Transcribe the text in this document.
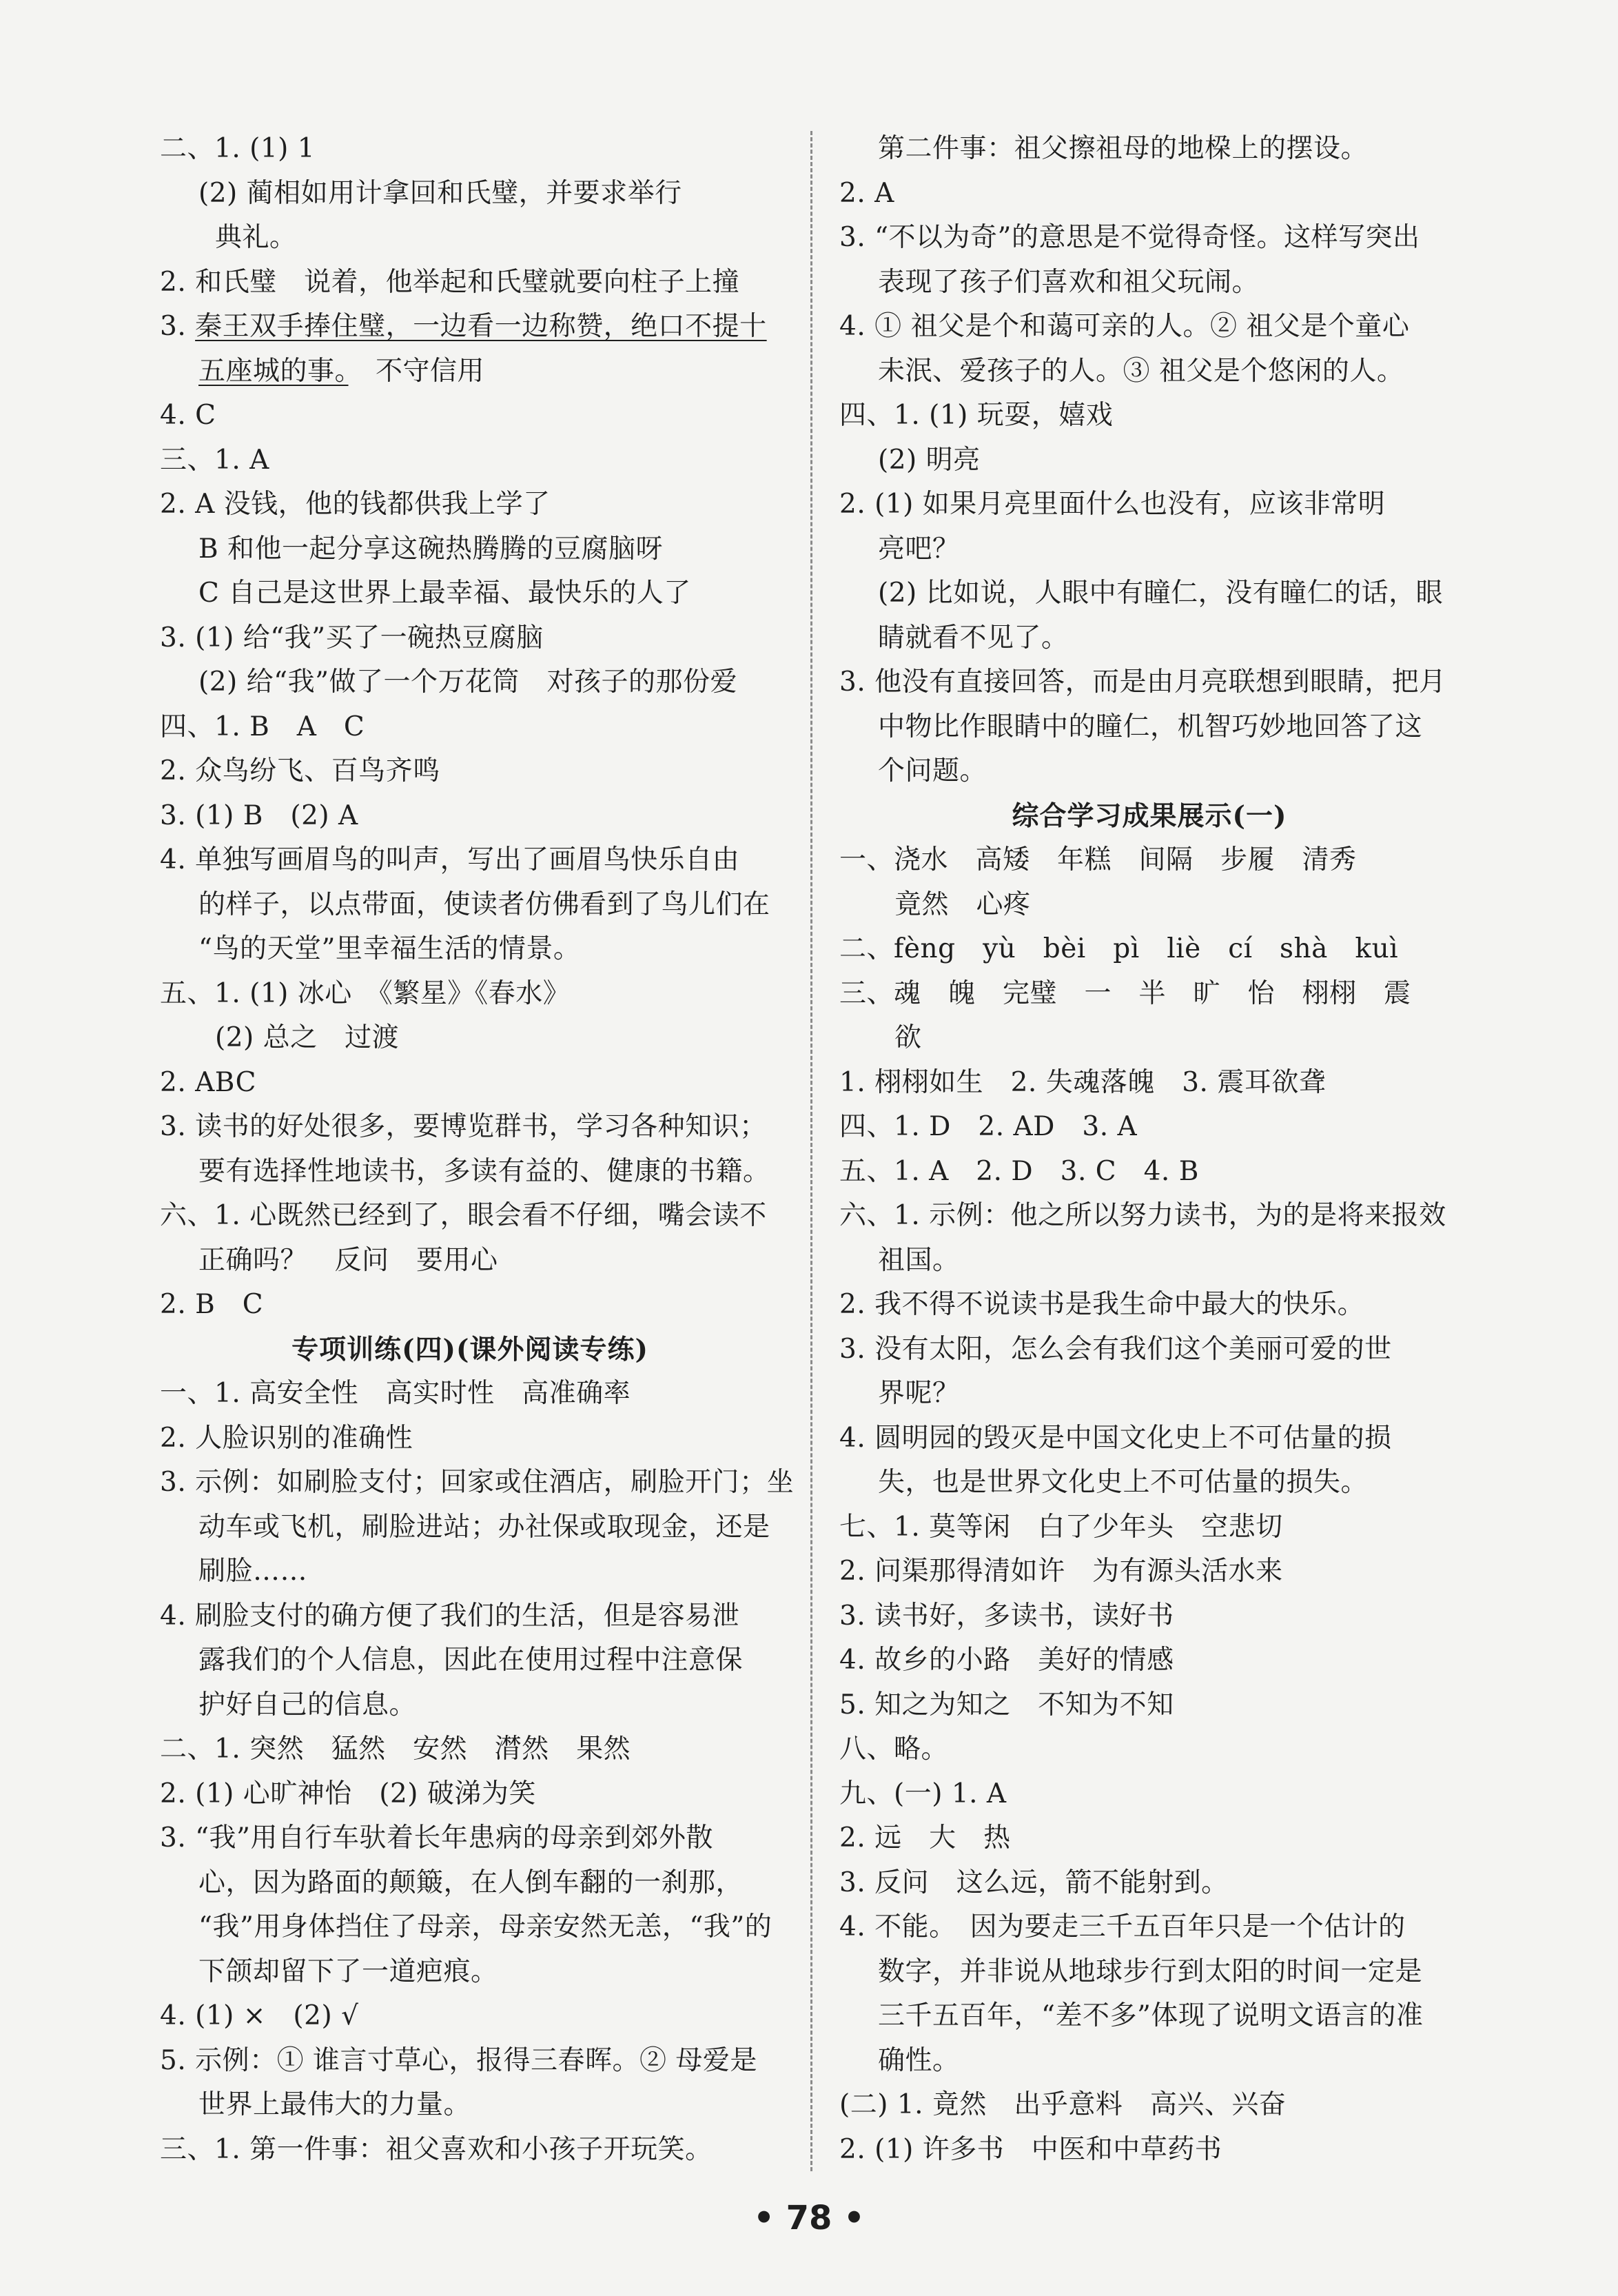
二、1. (1) 1
(2) 蔺相如用计拿回和氏璧，并要求举行
典礼。
2. 和氏璧　说着，他举起和氏璧就要向柱子上撞
3. 秦王双手捧住璧，一边看一边称赞，绝口不提十
五座城的事。　不守信用
4. C
三、1. A
2. A 没钱，他的钱都供我上学了
B 和他一起分享这碗热腾腾的豆腐脑呀
C 自己是这世界上最幸福、最快乐的人了
3. (1) 给“我”买了一碗热豆腐脑
(2) 给“我”做了一个万花筒　对孩子的那份爱
四、1. B　A　C
2. 众鸟纷飞、百鸟齐鸣
3. (1) B　(2) A
4. 单独写画眉鸟的叫声，写出了画眉鸟快乐自由
的样子，以点带面，使读者仿佛看到了鸟儿们在
“鸟的天堂”里幸福生活的情景。
五、1. (1) 冰心　《繁星》《春水》
(2) 总之　过渡
2. ABC
3. 读书的好处很多，要博览群书，学习各种知识；
要有选择性地读书，多读有益的、健康的书籍。
六、1. 心既然已经到了，眼会看不仔细，嘴会读不
正确吗？　反问　要用心
2. B　C
专项训练(四)(课外阅读专练)
一、1. 高安全性　高实时性　高准确率
2. 人脸识别的准确性
3. 示例：如刷脸支付；回家或住酒店，刷脸开门；坐
动车或飞机，刷脸进站；办社保或取现金，还是
刷脸……
4. 刷脸支付的确方便了我们的生活，但是容易泄
露我们的个人信息，因此在使用过程中注意保
护好自己的信息。
二、1. 突然　猛然　安然　潸然　果然
2. (1) 心旷神怡　(2) 破涕为笑
3. “我”用自行车驮着长年患病的母亲到郊外散
心，因为路面的颠簸，在人倒车翻的一刹那，
“我”用身体挡住了母亲，母亲安然无恙，“我”的
下颌却留下了一道疤痕。
4. (1) ×　(2) √
5. 示例：① 谁言寸草心，报得三春晖。② 母爱是
世界上最伟大的力量。
三、1. 第一件事：祖父喜欢和小孩子开玩笑。
第二件事：祖父擦祖母的地桗上的摆设。
2. A
3. “不以为奇”的意思是不觉得奇怪。这样写突出
表现了孩子们喜欢和祖父玩闹。
4. ① 祖父是个和蔼可亲的人。② 祖父是个童心
未泯、爱孩子的人。③ 祖父是个悠闲的人。
四、1. (1) 玩耍，嬉戏
(2) 明亮
2. (1) 如果月亮里面什么也没有，应该非常明
亮吧？
(2) 比如说，人眼中有瞳仁，没有瞳仁的话，眼
睛就看不见了。
3. 他没有直接回答，而是由月亮联想到眼睛，把月
中物比作眼睛中的瞳仁，机智巧妙地回答了这
个问题。
综合学习成果展示(一)
一、浇水　高矮　年糕　间隔　步履　清秀
竟然　心疼
二、fèng　yù　bèi　pì　liè　cí　shà　kuì
三、魂　魄　完璧　一　半　旷　怡　栩栩　震
欲
1. 栩栩如生　2. 失魂落魄　3. 震耳欲聋
四、1. D　2. AD　3. A
五、1. A　2. D　3. C　4. B
六、1. 示例：他之所以努力读书，为的是将来报效
祖国。
2. 我不得不说读书是我生命中最大的快乐。
3. 没有太阳，怎么会有我们这个美丽可爱的世
界呢？
4. 圆明园的毁灭是中国文化史上不可估量的损
失，也是世界文化史上不可估量的损失。
七、1. 莫等闲　白了少年头　空悲切
2. 问渠那得清如许　为有源头活水来
3. 读书好，多读书，读好书
4. 故乡的小路　美好的情感
5. 知之为知之　不知为不知
八、略。
九、(一) 1. A
2. 远　大　热
3. 反问　这么远，箭不能射到。
4. 不能。　因为要走三千五百年只是一个估计的
数字，并非说从地球步行到太阳的时间一定是
三千五百年，“差不多”体现了说明文语言的准
确性。
(二) 1. 竟然　出乎意料　高兴、兴奋
2. (1) 许多书　中医和中草药书
• 78 •
